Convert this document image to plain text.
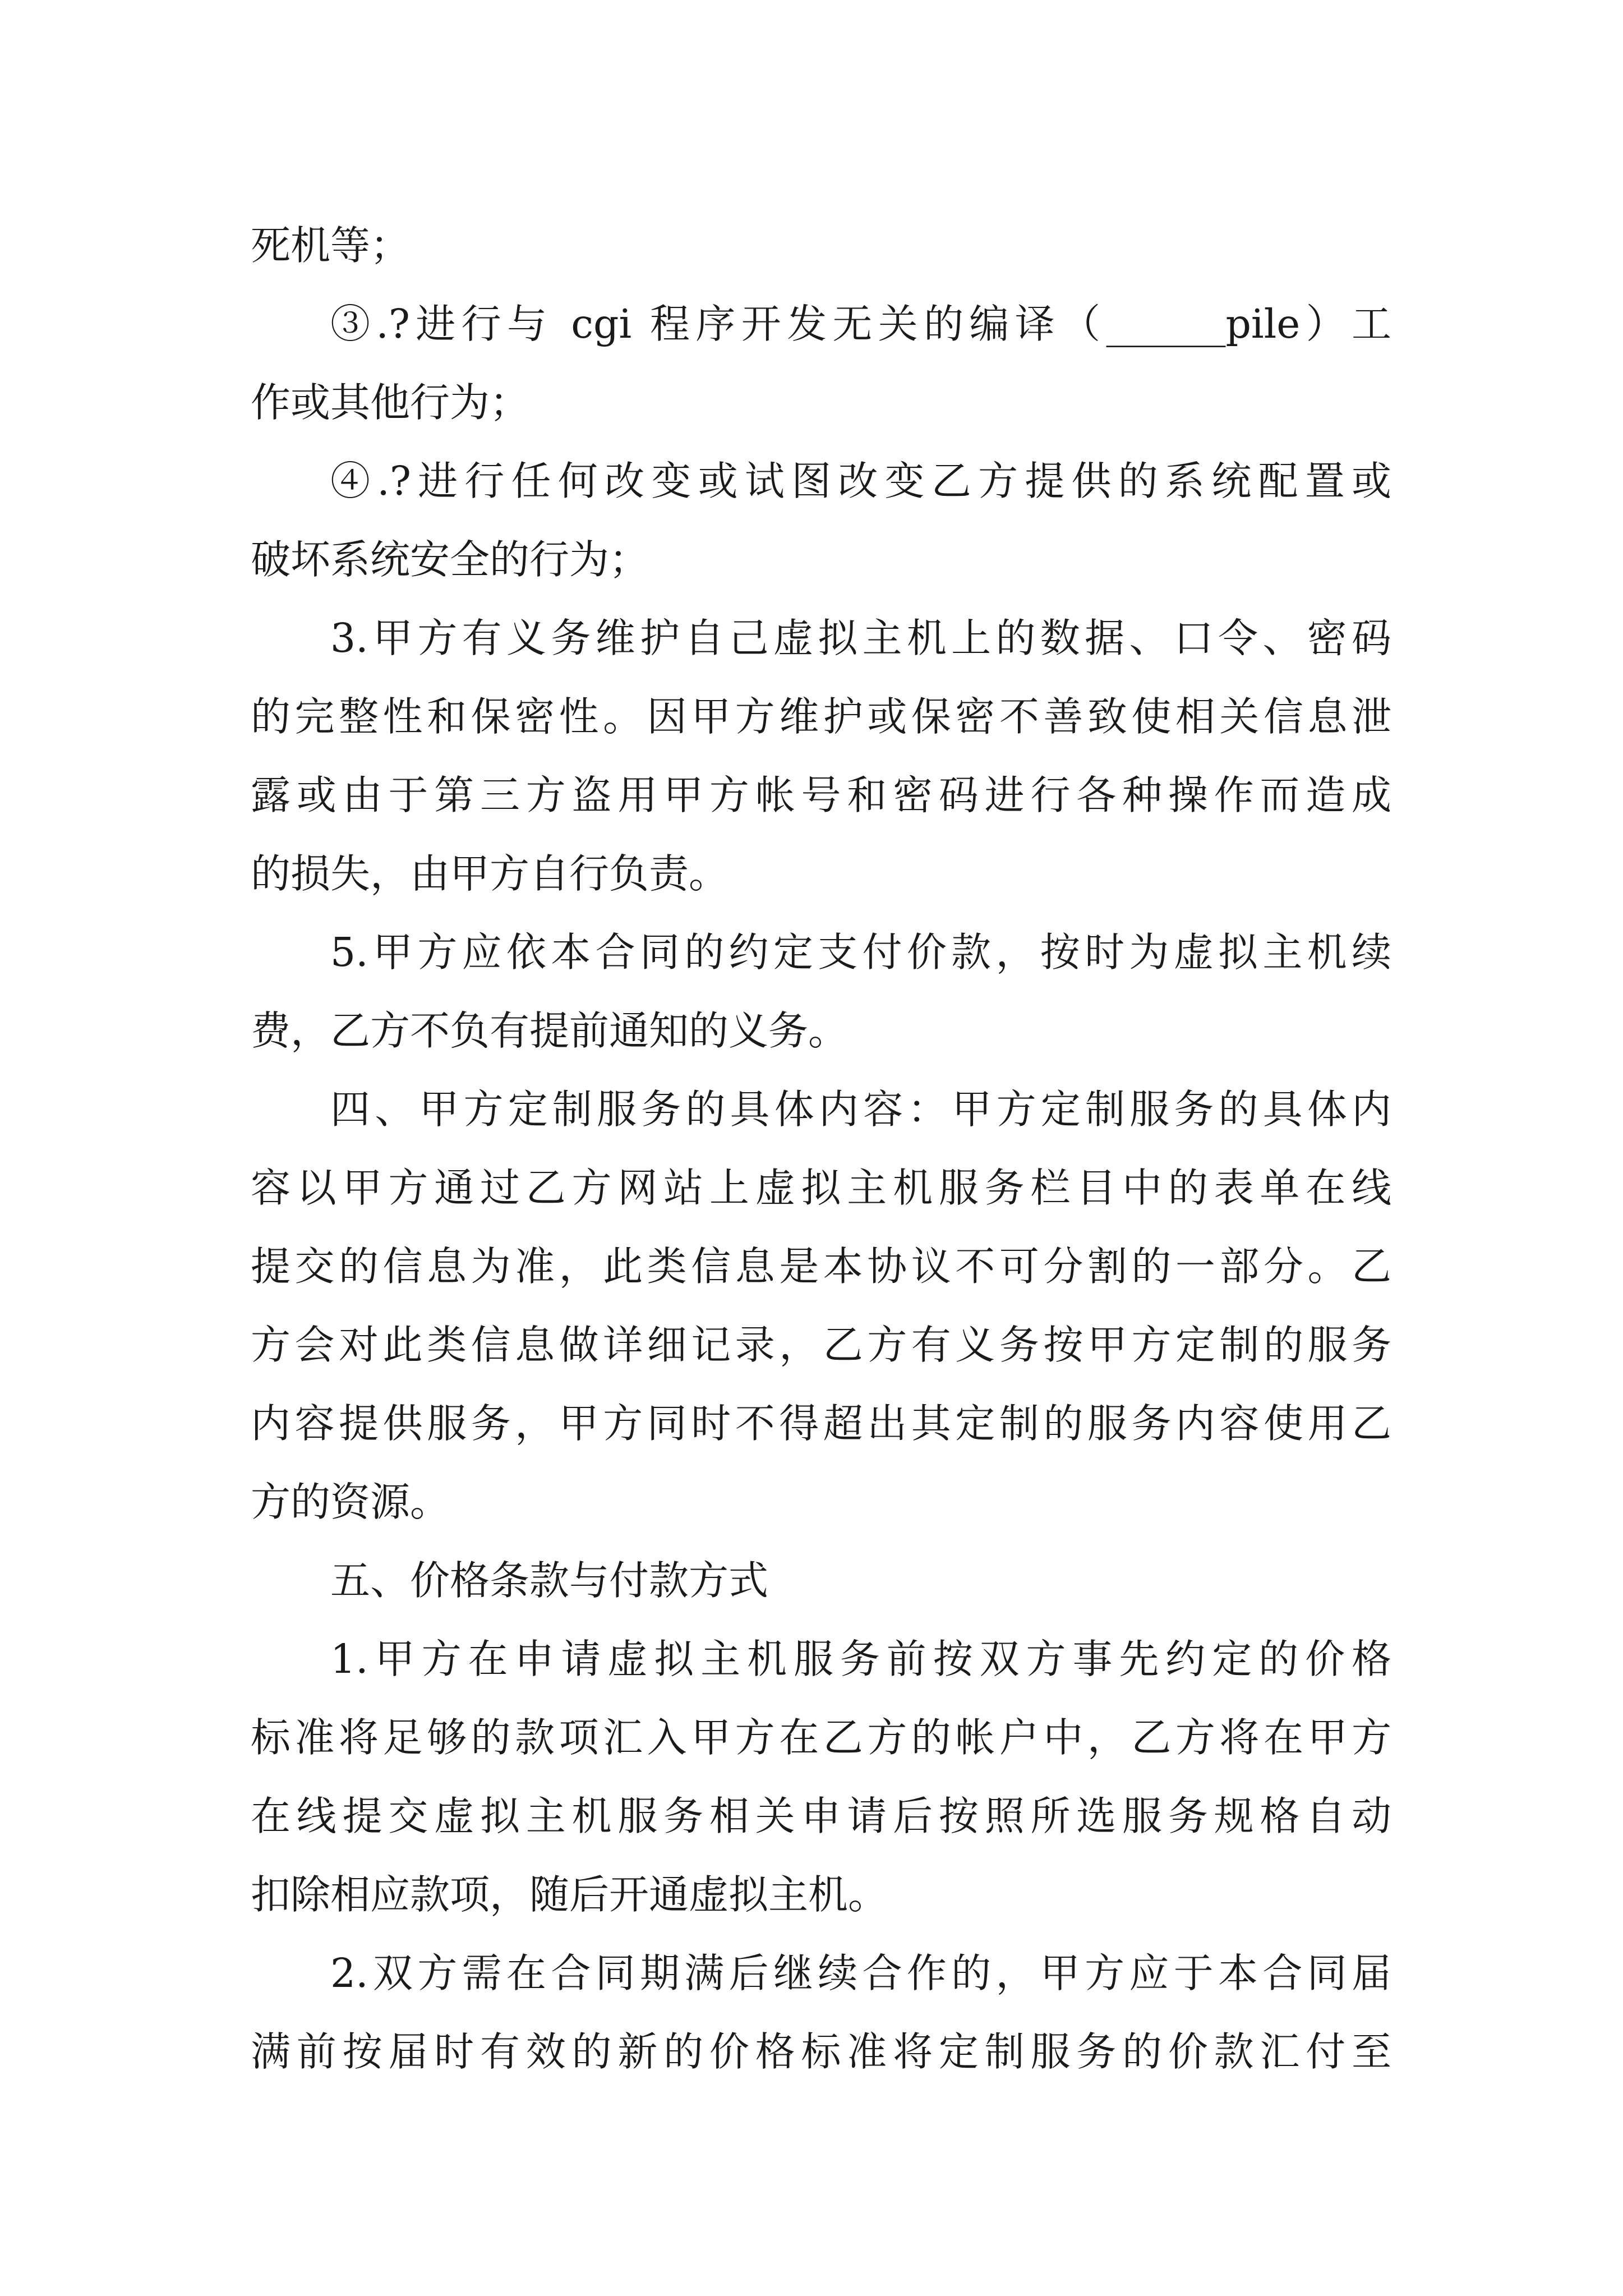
死机等；
③.?进行与 cgi 程序开发无关的编译（______pile）工
作或其他行为；
④.?进行任何改变或试图改变乙方提供的系统配置或
破坏系统安全的行为；
3.甲方有义务维护自己虚拟主机上的数据、口令、密码
的完整性和保密性。因甲方维护或保密不善致使相关信息泄
露或由于第三方盗用甲方帐号和密码进行各种操作而造成
的损失，由甲方自行负责。
5.甲方应依本合同的约定支付价款，按时为虚拟主机续
费，乙方不负有提前通知的义务。
四、甲方定制服务的具体内容：甲方定制服务的具体内
容以甲方通过乙方网站上虚拟主机服务栏目中的表单在线
提交的信息为准，此类信息是本协议不可分割的一部分。乙
方会对此类信息做详细记录，乙方有义务按甲方定制的服务
内容提供服务，甲方同时不得超出其定制的服务内容使用乙
方的资源。
五、价格条款与付款方式
1.甲方在申请虚拟主机服务前按双方事先约定的价格
标准将足够的款项汇入甲方在乙方的帐户中，乙方将在甲方
在线提交虚拟主机服务相关申请后按照所选服务规格自动
扣除相应款项，随后开通虚拟主机。
2.双方需在合同期满后继续合作的，甲方应于本合同届
满前按届时有效的新的价格标准将定制服务的价款汇付至
